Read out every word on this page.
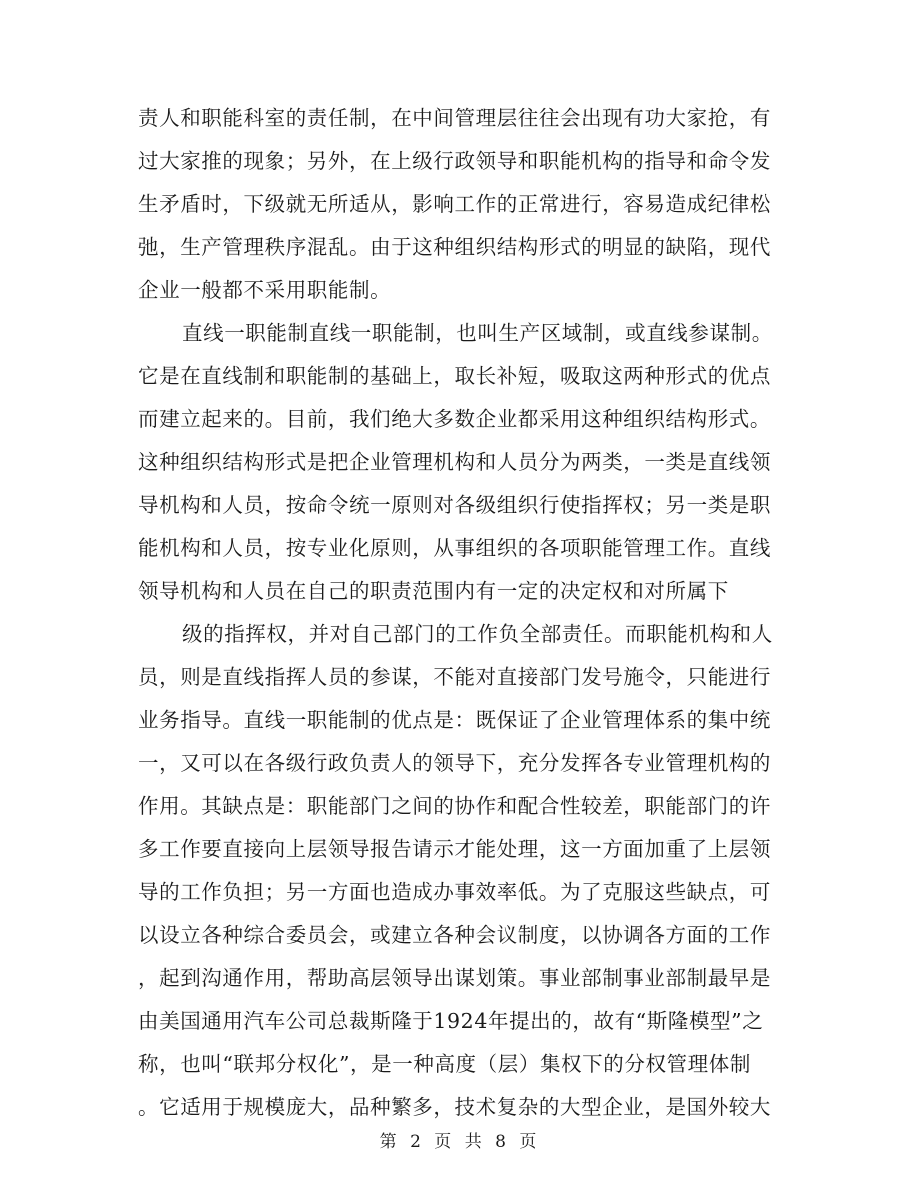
责人和职能科室的责任制，在中间管理层往往会出现有功大家抢，有
过大家推的现象；另外，在上级行政领导和职能机构的指导和命令发
生矛盾时，下级就无所适从，影响工作的正常进行，容易造成纪律松
弛，生产管理秩序混乱。由于这种组织结构形式的明显的缺陷，现代
企业一般都不采用职能制。
直线一职能制直线一职能制，也叫生产区域制，或直线参谋制。
它是在直线制和职能制的基础上，取长补短，吸取这两种形式的优点
而建立起来的。目前，我们绝大多数企业都采用这种组织结构形式。
这种组织结构形式是把企业管理机构和人员分为两类，一类是直线领
导机构和人员，按命令统一原则对各级组织行使指挥权；另一类是职
能机构和人员，按专业化原则，从事组织的各项职能管理工作。直线
领导机构和人员在自己的职责范围内有一定的决定权和对所属下
级的指挥权，并对自己部门的工作负全部责任。而职能机构和人
员，则是直线指挥人员的参谋，不能对直接部门发号施令，只能进行
业务指导。直线一职能制的优点是：既保证了企业管理体系的集中统
一，又可以在各级行政负责人的领导下，充分发挥各专业管理机构的
作用。其缺点是：职能部门之间的协作和配合性较差，职能部门的许
多工作要直接向上层领导报告请示才能处理，这一方面加重了上层领
导的工作负担；另一方面也造成办事效率低。为了克服这些缺点，可
以设立各种综合委员会，或建立各种会议制度，以协调各方面的工作
，起到沟通作用，帮助高层领导出谋划策。事业部制事业部制最早是
由美国通用汽车公司总裁斯隆于1924年提出的，故有“斯隆模型”之
称，也叫“联邦分权化”，是一种高度（层）集权下的分权管理体制
。它适用于规模庞大，品种繁多，技术复杂的大型企业，是国外较大
第 2 页 共 8 页
